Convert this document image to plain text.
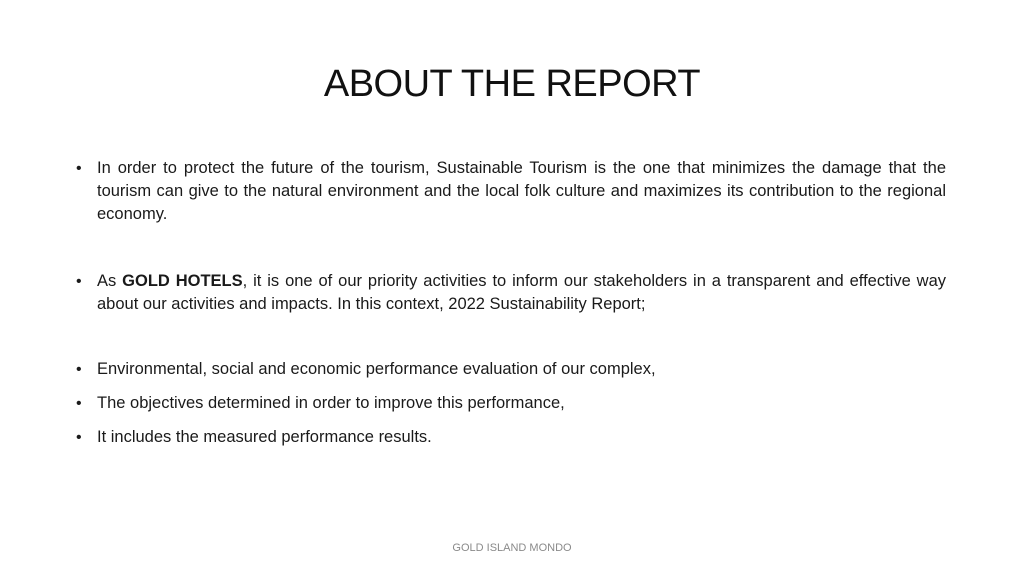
ABOUT THE REPORT
• In order to protect the future of the tourism, Sustainable Tourism is the one that minimizes the damage that the tourism can give to the natural environment and the local folk culture and maximizes its contribution to the regional economy.
• As GOLD HOTELS, it is one of our priority activities to inform our stakeholders in a transparent and effective way about our activities and impacts. In this context, 2022 Sustainability Report;
• Environmental, social and economic performance evaluation of our complex,
• The objectives determined in order to improve this performance,
• It includes the measured performance results.
GOLD ISLAND MONDO
